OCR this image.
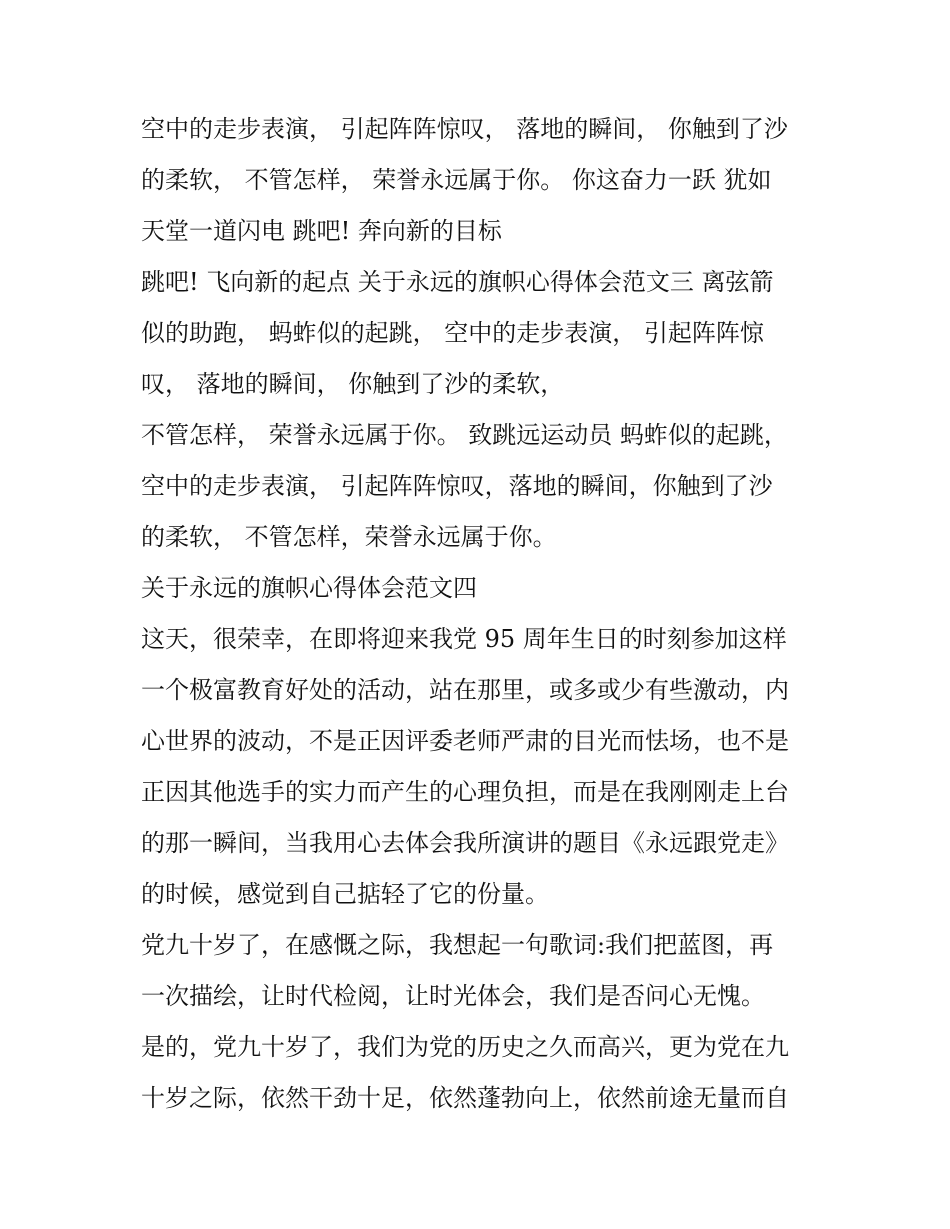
空中的走步表演， 引起阵阵惊叹， 落地的瞬间， 你触到了沙
的柔软， 不管怎样， 荣誉永远属于你。 你这奋力一跃 犹如
天堂一道闪电 跳吧! 奔向新的目标
跳吧! 飞向新的起点 关于永远的旗帜心得体会范文三 离弦箭
似的助跑， 蚂蚱似的起跳， 空中的走步表演， 引起阵阵惊
叹， 落地的瞬间， 你触到了沙的柔软，
不管怎样， 荣誉永远属于你。 致跳远运动员 蚂蚱似的起跳，
空中的走步表演， 引起阵阵惊叹，落地的瞬间，你触到了沙
的柔软， 不管怎样，荣誉永远属于你。
关于永远的旗帜心得体会范文四
这天，很荣幸，在即将迎来我党 95 周年生日的时刻参加这样
一个极富教育好处的活动，站在那里，或多或少有些激动，内
心世界的波动，不是正因评委老师严肃的目光而怯场，也不是
正因其他选手的实力而产生的心理负担，而是在我刚刚走上台
的那一瞬间，当我用心去体会我所演讲的题目《永远跟党走》
的时候，感觉到自己掂轻了它的份量。
党九十岁了，在感慨之际，我想起一句歌词:我们把蓝图，再
一次描绘，让时代检阅，让时光体会，我们是否问心无愧。
是的，党九十岁了，我们为党的历史之久而高兴，更为党在九
十岁之际，依然干劲十足，依然蓬勃向上，依然前途无量而自
